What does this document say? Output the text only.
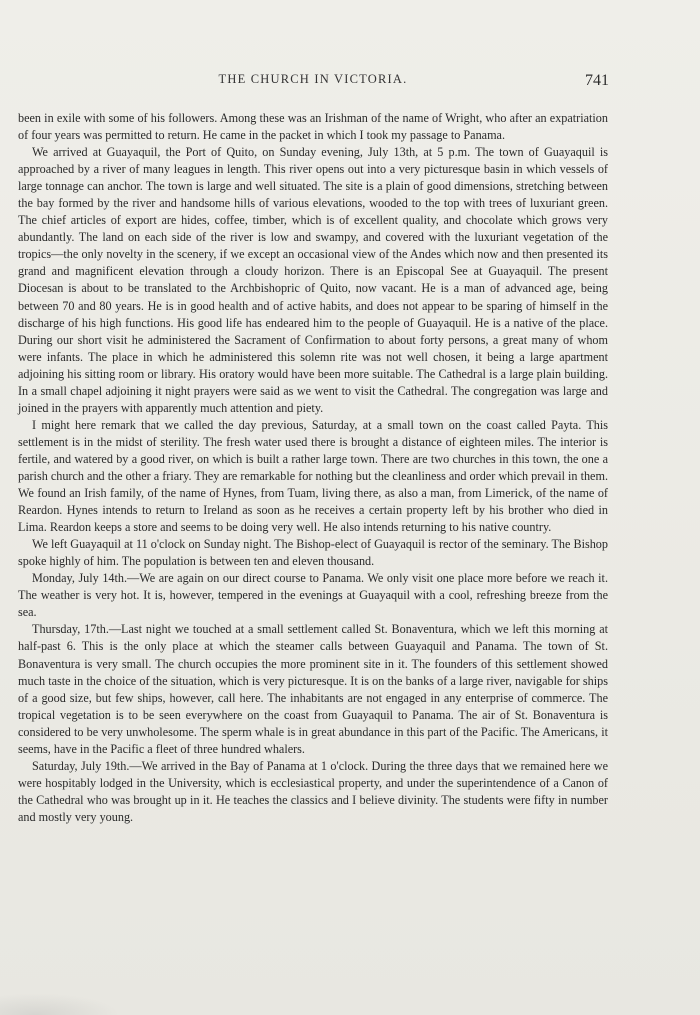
THE CHURCH IN VICTORIA.	741

been in exile with some of his followers. Among these was an Irishman of the name of Wright, who after an expatriation of four years was permitted to return. He came in the packet in which I took my passage to Panama.

We arrived at Guayaquil, the Port of Quito, on Sunday evening, July 13th, at 5 p.m. The town of Guayaquil is approached by a river of many leagues in length. This river opens out into a very picturesque basin in which vessels of large tonnage can anchor. The town is large and well situated. The site is a plain of good dimensions, stretching between the bay formed by the river and handsome hills of various elevations, wooded to the top with trees of luxuriant green. The chief articles of export are hides, coffee, timber, which is of excellent quality, and chocolate which grows very abundantly. The land on each side of the river is low and swampy, and covered with the luxuriant vegetation of the tropics—the only novelty in the scenery, if we except an occasional view of the Andes which now and then presented its grand and magnificent elevation through a cloudy horizon. There is an Episcopal See at Guayaquil. The present Diocesan is about to be translated to the Archbishopric of Quito, now vacant. He is a man of advanced age, being between 70 and 80 years. He is in good health and of active habits, and does not appear to be sparing of himself in the discharge of his high functions. His good life has endeared him to the people of Guayaquil. He is a native of the place. During our short visit he administered the Sacrament of Confirmation to about forty persons, a great many of whom were infants. The place in which he administered this solemn rite was not well chosen, it being a large apartment adjoining his sitting room or library. His oratory would have been more suitable. The Cathedral is a large plain building. In a small chapel adjoining it night prayers were said as we went to visit the Cathedral. The congregation was large and joined in the prayers with apparently much attention and piety.

I might here remark that we called the day previous, Saturday, at a small town on the coast called Payta. This settlement is in the midst of sterility. The fresh water used there is brought a distance of eighteen miles. The interior is fertile, and watered by a good river, on which is built a rather large town. There are two churches in this town, the one a parish church and the other a friary. They are remarkable for nothing but the cleanliness and order which prevail in them. We found an Irish family, of the name of Hynes, from Tuam, living there, as also a man, from Limerick, of the name of Reardon. Hynes intends to return to Ireland as soon as he receives a certain property left by his brother who died in Lima. Reardon keeps a store and seems to be doing very well. He also intends returning to his native country.

We left Guayaquil at 11 o'clock on Sunday night. The Bishop-elect of Guayaquil is rector of the seminary. The Bishop spoke highly of him. The population is between ten and eleven thousand.

Monday, July 14th.—We are again on our direct course to Panama. We only visit one place more before we reach it. The weather is very hot. It is, however, tempered in the evenings at Guayaquil with a cool, refreshing breeze from the sea.

Thursday, 17th.—Last night we touched at a small settlement called St. Bonaventura, which we left this morning at half-past 6. This is the only place at which the steamer calls between Guayaquil and Panama. The town of St. Bonaventura is very small. The church occupies the more prominent site in it. The founders of this settlement showed much taste in the choice of the situation, which is very picturesque. It is on the banks of a large river, navigable for ships of a good size, but few ships, however, call here. The inhabitants are not engaged in any enterprise of commerce. The tropical vegetation is to be seen everywhere on the coast from Guayaquil to Panama. The air of St. Bonaventura is considered to be very unwholesome. The sperm whale is in great abundance in this part of the Pacific. The Americans, it seems, have in the Pacific a fleet of three hundred whalers.

Saturday, July 19th.—We arrived in the Bay of Panama at 1 o'clock. During the three days that we remained here we were hospitably lodged in the University, which is ecclesiastical property, and under the superintendence of a Canon of the Cathedral who was brought up in it. He teaches the classics and I believe divinity. The students were fifty in number and mostly very young.
